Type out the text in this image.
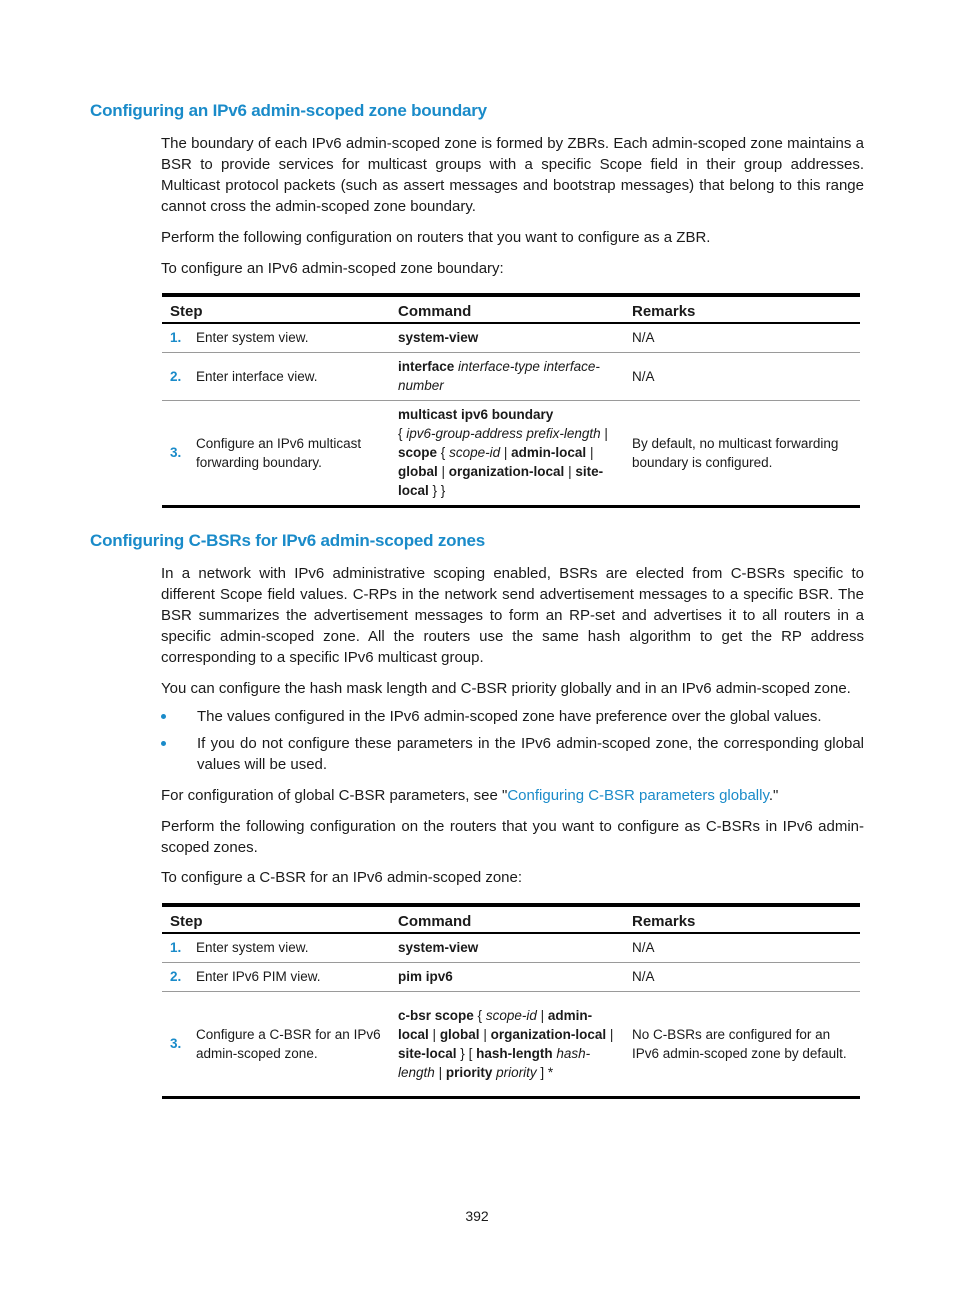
Configuring an IPv6 admin-scoped zone boundary

The boundary of each IPv6 admin-scoped zone is formed by ZBRs. Each admin-scoped zone maintains a BSR to provide services for multicast groups with a specific Scope field in their group addresses. Multicast protocol packets (such as assert messages and bootstrap messages) that belong to this range cannot cross the admin-scoped zone boundary.

Perform the following configuration on routers that you want to configure as a ZBR.

To configure an IPv6 admin-scoped zone boundary:

Step		Command	Remarks
1.	Enter system view.	system-view	N/A
2.	Enter interface view.	interface interface-type interface-number	N/A
3.	Configure an IPv6 multicast forwarding boundary.	multicast ipv6 boundary
{ ipv6-group-address prefix-length | scope { scope-id | admin-local | global | organization-local | site-local } }	By default, no multicast forwarding boundary is configured.
Configuring C-BSRs for IPv6 admin-scoped zones

In a network with IPv6 administrative scoping enabled, BSRs are elected from C-BSRs specific to different Scope field values. C-RPs in the network send advertisement messages to a specific BSR. The BSR summarizes the advertisement messages to form an RP-set and advertises it to all routers in a specific admin-scoped zone. All the routers use the same hash algorithm to get the RP address corresponding to a specific IPv6 multicast group.

You can configure the hash mask length and C-BSR priority globally and in an IPv6 admin-scoped zone.

The values configured in the IPv6 admin-scoped zone have preference over the global values.
If you do not configure these parameters in the IPv6 admin-scoped zone, the corresponding global values will be used.

For configuration of global C-BSR parameters, see "Configuring C-BSR parameters globally."

Perform the following configuration on the routers that you want to configure as C-BSRs in IPv6 admin-scoped zones.

To configure a C-BSR for an IPv6 admin-scoped zone:

Step		Command	Remarks
1.	Enter system view.	system-view	N/A
2.	Enter IPv6 PIM view.	pim ipv6	N/A
3.	Configure a C-BSR for an IPv6 admin-scoped zone.	c-bsr scope { scope-id | admin-local | global | organization-local | site-local } [ hash-length hash-length | priority priority ] *	No C-BSRs are configured for an IPv6 admin-scoped zone by default.
392
